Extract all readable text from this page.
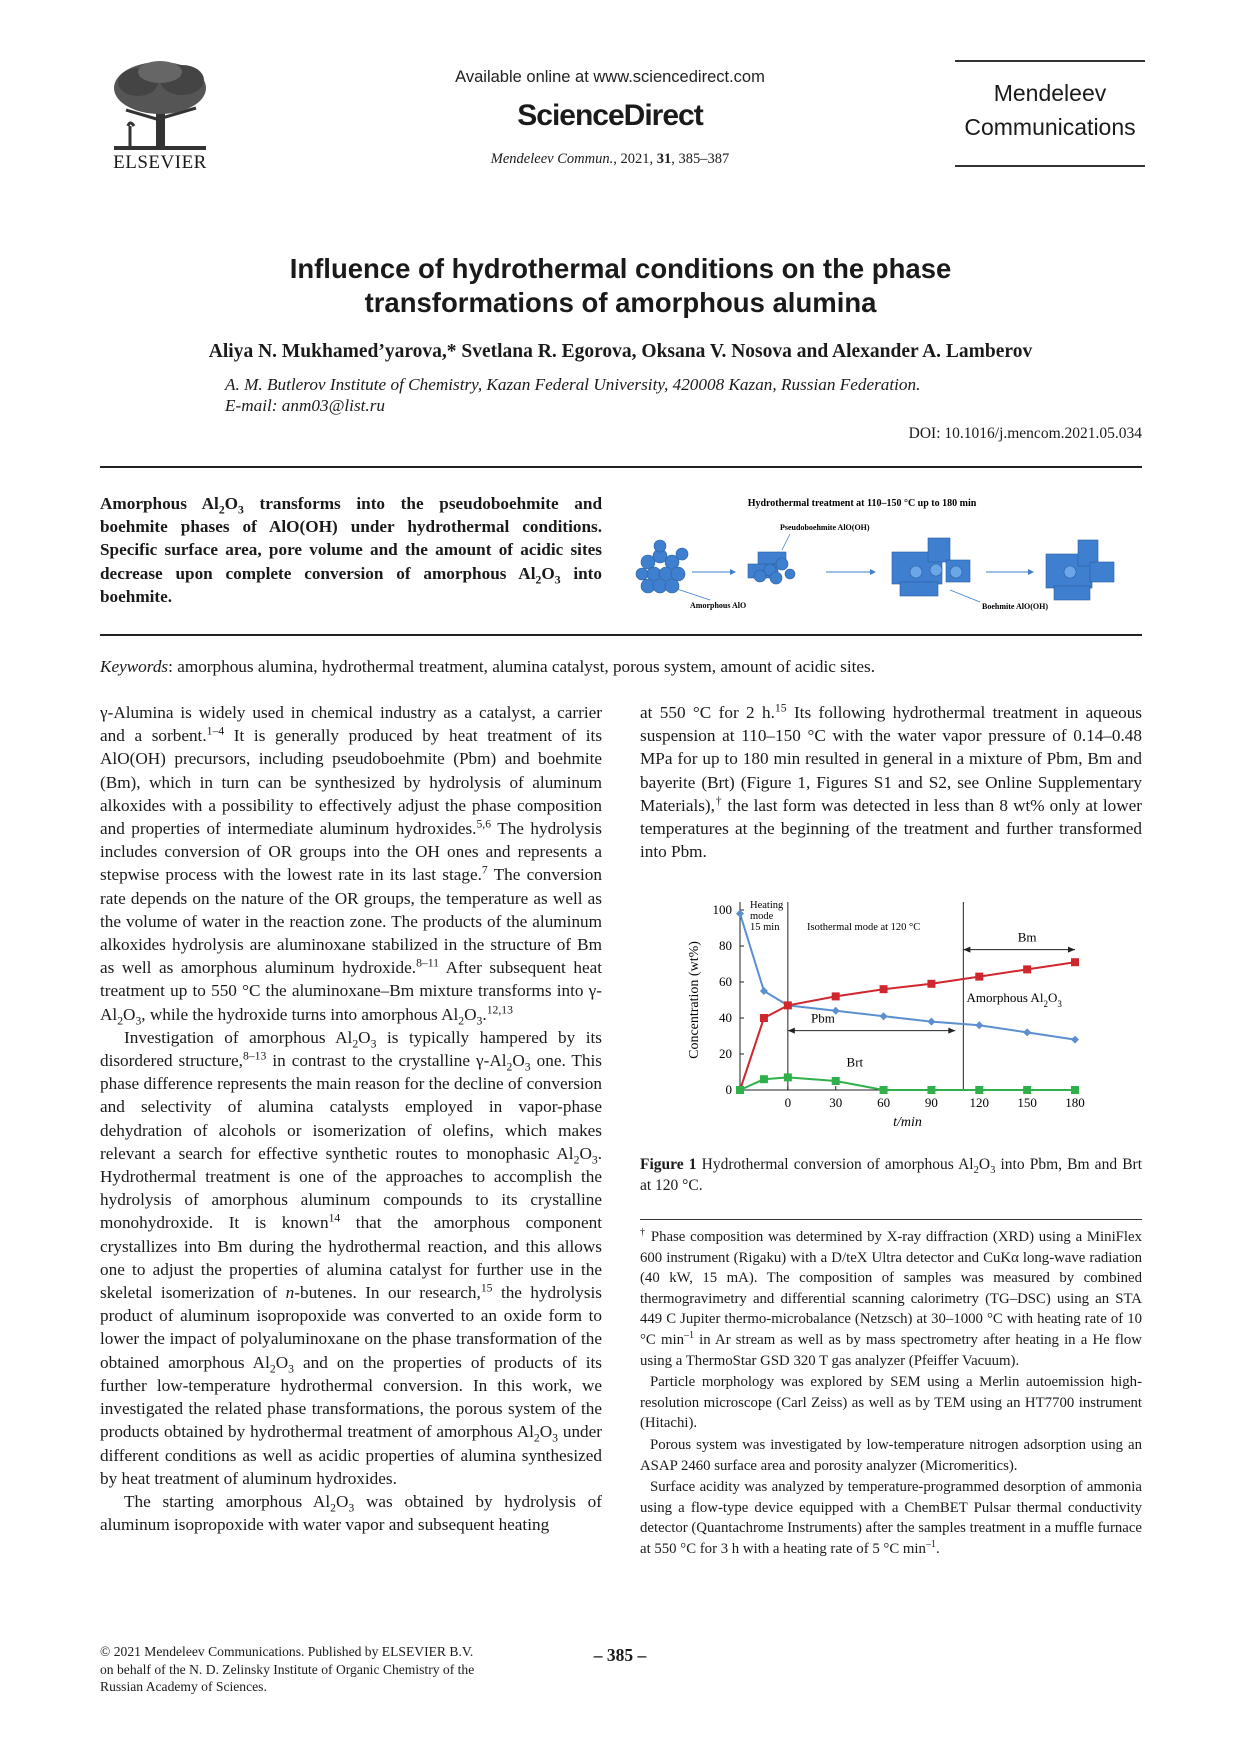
ELSEVIER
Available online at www.sciencedirect.com
ScienceDirect
Mendeleev Commun., 2021, 31, 385–387
Mendeleev
Communications
Influence of hydrothermal conditions on the phase
transformations of amorphous alumina
Aliya N. Mukhamed’yarova,* Svetlana R. Egorova, Oksana V. Nosova and Alexander A. Lamberov
A. M. Butlerov Institute of Chemistry, Kazan Federal University, 420008 Kazan, Russian Federation.
E-mail: anm03@list.ru
DOI: 10.1016/j.mencom.2021.05.034
Amorphous $Al_2O_3$ transforms into the pseudoboehmite and boehmite phases of AlO(OH) under hydrothermal conditions. Specific surface area, pore volume and the amount of acidic sites decrease upon complete conversion of amorphous $Al_2O_3$ into boehmite.
Hydrothermal treatment at 110–150 °C up to 180 min
Pseudoboehmite AlO(OH)
Amorphous AlO	Boehmite AlO(OH)
Keywords: amorphous alumina, hydrothermal treatment, alumina catalyst, porous system, amount of acidic sites.

γ-Alumina is widely used in chemical industry as a catalyst, a carrier and a sorbent.$^{1-4}$ It is generally produced by heat treatment of its AlO(OH) precursors, including pseudoboehmite (Pbm) and boehmite (Bm), which in turn can be synthesized by hydrolysis of aluminum alkoxides with a possibility to effectively adjust the phase composition and properties of intermediate aluminum hydroxides.$^{5,6}$ The hydrolysis includes conversion of OR groups into the OH ones and represents a stepwise process with the lowest rate in its last stage.$^7$ The conversion rate depends on the nature of the OR groups, the temperature as well as the volume of water in the reaction zone. The products of the aluminum alkoxides hydrolysis are aluminoxane stabilized in the structure of Bm as well as amorphous aluminum hydroxide.$^{8-11}$ After subsequent heat treatment up to 550 °C the aluminoxane–Bm mixture transforms into $\gamma-Al_2O_3$, while the hydroxide turns into amorphous $Al_2O_3.^{12,13}$

Investigation of amorphous $Al_2O_3$ is typically hampered by its disordered structure,$^{8-13}$ in contrast to the crystalline $\gamma-Al_2O_3$ one. This phase difference represents the main reason for the decline of conversion and selectivity of alumina catalysts employed in vapor-phase dehydration of alcohols or isomerization of olefins, which makes relevant a search for effective synthetic routes to monophasic $Al_2O_3$. Hydrothermal treatment is one of the approaches to accomplish the hydrolysis of amorphous aluminum compounds to its crystalline monohydroxide. It is known$^{14}$ that the amorphous component crystallizes into Bm during the hydrothermal reaction, and this allows one to adjust the properties of alumina catalyst for further use in the skeletal isomerization of n-butenes. In our research,$^{15}$ the hydrolysis product of aluminum isopropoxide was converted to an oxide form to lower the impact of polyaluminoxane on the phase transformation of the obtained amorphous $Al_2O_3$ and on the properties of products of its further low-temperature hydrothermal conversion. In this work, we investigated the related phase transformations, the porous system of the products obtained by hydrothermal treatment of amorphous $Al_2O_3$ under different conditions as well as acidic properties of alumina synthesized by heat treatment of aluminum hydroxides.

The starting amorphous $Al_2O_3$ was obtained by hydrolysis of aluminum isopropoxide with water vapor and subsequent heating

at 550 °C for 2 h.$^{15}$ Its following hydrothermal treatment in aqueous suspension at 110–150 °C with the water vapor pressure of 0.14–0.48 MPa for up to 180 min resulted in general in a mixture of Pbm, Bm and bayerite (Brt) (Figure 1, Figures S1 and S2, see Online Supplementary Materials),† the last form was detected in less than 8 wt% only at lower temperatures at the beginning of the treatment and further transformed into Pbm.

0
20
40
60
80
100
0	30	60	90 120 150 180
t/min
Concentration (wt%)
Heating
mode
15 min	Isothermal mode at 120 °C
Bm
Pbm
Brt
Amorphous $Al_2O_3$
Figure 1 Hydrothermal conversion of amorphous $Al_2O_3$ into Pbm, Bm and Brt at 120 °C.

† Phase composition was determined by X-ray diffraction (XRD) using a MiniFlex 600 instrument (Rigaku) with a D/teX Ultra detector and CuKα long-wave radiation (40 kW, 15 mA). The composition of samples was measured by combined thermogravimetry and differential scanning calorimetry (TG–DSC) using an STA 449 C Jupiter thermo-microbalance (Netzsch) at 30–1000 °C with heating rate of 10 °C $\min^{-1}$ in Ar stream as well as by mass spectrometry after heating in a He flow using a ThermoStar GSD 320 T gas analyzer (Pfeiffer Vacuum).

Particle morphology was explored by SEM using a Merlin autoemission high-resolution microscope (Carl Zeiss) as well as by TEM using an HT7700 instrument (Hitachi).

Porous system was investigated by low-temperature nitrogen adsorption using an ASAP 2460 surface area and porosity analyzer (Micromeritics).

Surface acidity was analyzed by temperature-programmed desorption of ammonia using a flow-type device equipped with a ChemBET Pulsar thermal conductivity detector (Quantachrome Instruments) after the samples treatment in a muffle furnace at 550 °C for 3 h with a heating rate of 5 °C $\min^{-1}$.

© 2021 Mendeleev Communications. Published by ELSEVIER B.V.
on behalf of the N. D. Zelinsky Institute of Organic Chemistry of the
Russian Academy of Sciences.
– 385 –
